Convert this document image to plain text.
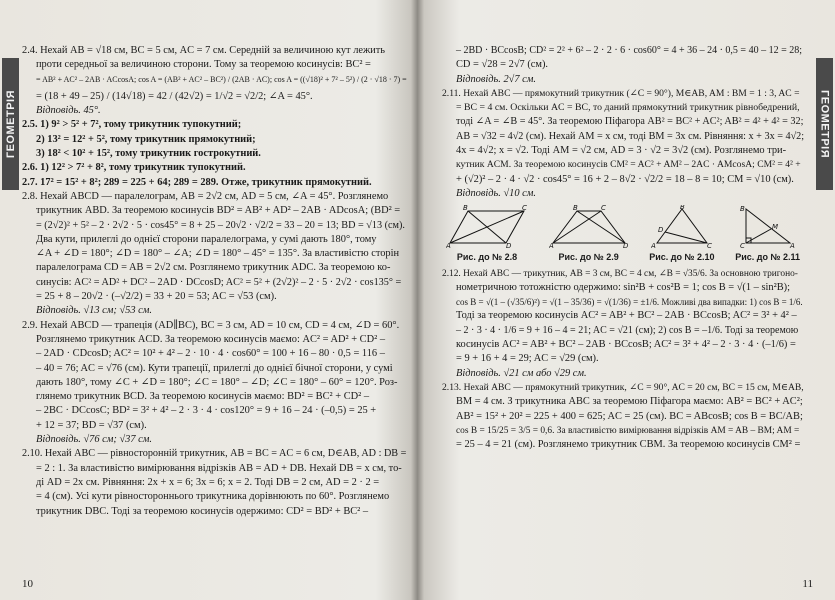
ГЕОМЕТРІЯ

2.4. Нехай AB = √18 см, BC = 5 см, AC = 7 см. Середній за величиною кут лежить

проти середньої за величиною сторони. Тому за теоремою косинусів: BC² =

= AB² + AC² – 2AB · ACcosA; cos A = (AB² + AC² – BC²) / (2AB · AC); cos A = ((√18)² + 7² – 5²) / (2 · √18 · 7) =

= (18 + 49 – 25) / (14√18) = 42 / (42√2) = 1/√2 = √2/2; ∠A = 45°.

Відповідь. 45°.

2.5. 1) 9² > 5² + 7², тому трикутник тупокутний;

2) 13² = 12² + 5², тому трикутник прямокутний;

3) 18² < 10² + 15², тому трикутник гострокутний.

2.6. 1) 12² > 7² + 8², тому трикутник тупокутний.

2.7. 17² = 15² + 8²; 289 = 225 + 64; 289 = 289. Отже, трикутник прямокутний.

2.8. Нехай ABCD — паралелограм, AB = 2√2 см, AD = 5 см, ∠A = 45°. Розглянемо

трикутник ABD. За теоремою косинусів BD² = AB² + AD² – 2AB · ADcosA; (BD² =

= (2√2)² + 5² – 2 · 2√2 · 5 · cos45° = 8 + 25 – 20√2 · √2/2 = 33 – 20 = 13; BD = √13 (см).

Два кути, прилеглі до однієї сторони паралелограма, у сумі дають 180°, тому

∠A + ∠D = 180°; ∠D = 180° – ∠A; ∠D = 180° – 45° = 135°. За властивістю сторін

паралелограма CD = AB = 2√2 см. Розглянемо трикутник ADC. За теоремою ко-

синусів: AC² = AD² + DC² – 2AD · DCcosD; AC² = 5² + (2√2)² – 2 · 5 · 2√2 · cos135° =

= 25 + 8 – 20√2 · (–√2/2) = 33 + 20 = 53; AC = √53 (см).

Відповідь. √13 см; √53 см.

2.9. Нехай ABCD — трапеція (AD∥BC), BC = 3 см, AD = 10 см, CD = 4 см, ∠D = 60°.

Розглянемо трикутник ACD. За теоремою косинусів маємо: AC² = AD² + CD² –

– 2AD · CDcosD; AC² = 10² + 4² – 2 · 10 · 4 · cos60° = 100 + 16 – 80 · 0,5 = 116 –

– 40 = 76; AC = √76 (см). Кути трапеції, прилеглі до однієї бічної сторони, у сумі

дають 180°, тому ∠C + ∠D = 180°; ∠C = 180° – ∠D; ∠C = 180° – 60° = 120°. Роз-

глянемо трикутник BCD. За теоремою косинусів маємо: BD² = BC² + CD² –

– 2BC · DCcosC; BD² = 3² + 4² – 2 · 3 · 4 · cos120° = 9 + 16 – 24 · (–0,5) = 25 +

+ 12 = 37; BD = √37 (см).

Відповідь. √76 см; √37 см.

2.10. Нехай ABC — рівносторонній трикутник, AB = BC = AC = 6 см, D∈AB, AD : DB =

= 2 : 1. За властивістю вимірювання відрізків AB = AD + DB. Нехай DB = x см, то-

ді AD = 2x см. Рівняння: 2x + x = 6; 3x = 6; x = 2. Тоді DB = 2 см, AD = 2 · 2 =

= 4 (см). Усі кути рівностороннього трикутника дорівнюють по 60°. Розглянемо

трикутник DBC. Тоді за теоремою косинусів одержимо: CD² = BD² + BC² –

10
ГЕОМЕТРІЯ

– 2BD · BCcosB; CD² = 2² + 6² – 2 · 2 · 6 · cos60° = 4 + 36 – 24 · 0,5 = 40 – 12 = 28;

CD = √28 = 2√7 (см).

Відповідь. 2√7 см.

2.11. Нехай ABC — прямокутний трикутник (∠C = 90°), M∈AB, AM : BM = 1 : 3, AC =

= BC = 4 см. Оскільки AC = BC, то даний прямокутний трикутник рівнобедрений,

тоді ∠A = ∠B = 45°. За теоремою Піфагора AB² = BC² + AC²; AB² = 4² + 4² = 32;

AB = √32 = 4√2 (см). Нехай AM = x см, тоді BM = 3x см. Рівняння: x + 3x = 4√2;

4x = 4√2; x = √2. Тоді AM = √2 см, AD = 3 · √2 = 3√2 (см). Розглянемо три-

кутник ACM. За теоремою косинусів CM² = AC² + AM² – 2AC · AMcosA; CM² = 4² +

+ (√2)² – 2 · 4 · √2 · cos45° = 16 + 2 – 8√2 · √2/2 = 18 – 8 = 10; CM = √10 (см).

Відповідь. √10 см.

A
B	C
D
Рис. до № 2.8
A
B	C
D
Рис. до № 2.9
A
B
C
D
Рис. до № 2.10
C
B
A
M
Рис. до № 2.11

2.12. Нехай ABC — трикутник, AB = 3 см, BC = 4 см, ∠B = √35/6. За основною тригоно-

нометричною тотожністю одержимо: sin²B + cos²B = 1; cos B = √(1 – sin²B);

cos B = √(1 – (√35/6)²) = √(1 – 35/36) = √(1/36) = ±1/6. Можливі два випадки: 1) cos B = 1/6.

Тоді за теоремою косинусів AC² = AB² + BC² – 2AB · BCcosB; AC² = 3² + 4² –

– 2 · 3 · 4 · 1/6 = 9 + 16 – 4 = 21; AC = √21 (см); 2) cos B = –1/6. Тоді за теоремою

косинусів AC² = AB² + BC² – 2AB · BCcosB; AC² = 3² + 4² – 2 · 3 · 4 · (–1/6) =

= 9 + 16 + 4 = 29; AC = √29 (см).

Відповідь. √21 см або √29 см.

2.13. Нехай ABC — прямокутний трикутник, ∠C = 90°, AC = 20 см, BC = 15 см, M∈AB,

BM = 4 см. З трикутника ABC за теоремою Піфагора маємо: AB² = BC² + AC²;

AB² = 15² + 20² = 225 + 400 = 625; AC = 25 (см). BC = ABcosB; cos B = BC/AB;

cos B = 15/25 = 3/5 = 0,6. За властивістю вимірювання відрізків AM = AB – BM; AM =

= 25 – 4 = 21 (см). Розглянемо трикутник CBM. За теоремою косинусів CM² =

11
